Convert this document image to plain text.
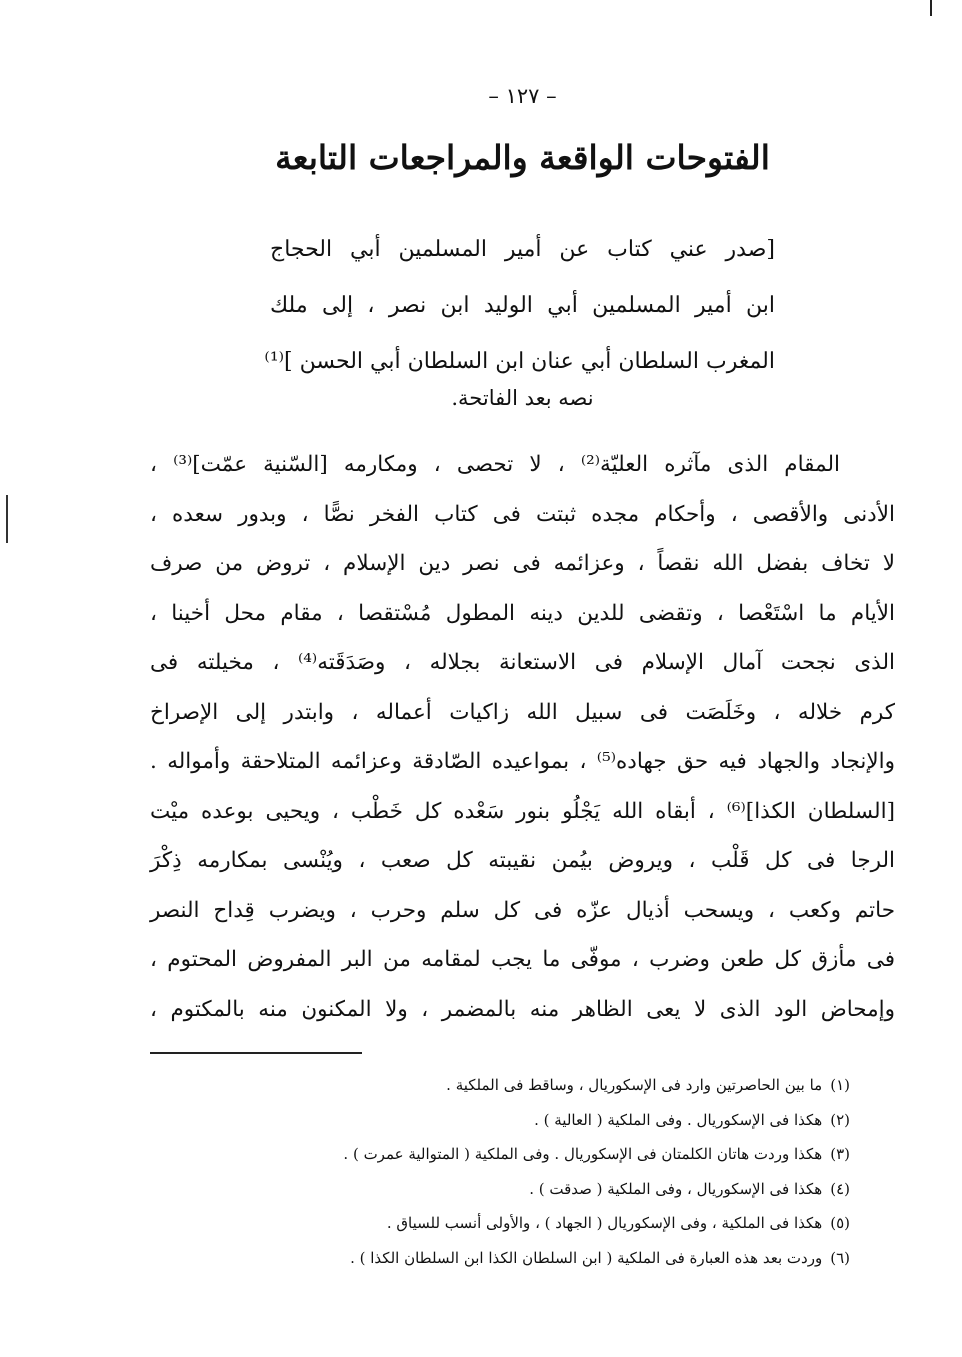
– ١٢٧ –
الفتوحات الواقعة والمراجعات التابعة
[صدر عني كتاب عن أمير المسلمين أبي الحجاج
ابن أمير المسلمين أبي الوليد ابن نصر ، إلى ملك
المغرب السلطان أبي عنان ابن السلطان أبي الحسن ]⁽¹⁾
نصه بعد الفاتحة.
المقام الذى مآثره العليّة⁽²⁾ ، لا تحصى ، ومكارمه [السّنية عمّت]⁽³⁾ ،
الأدنى والأقصى ، وأحكام مجده ثبتت فى كتاب الفخر نصًّا ، وبدور سعده ،
لا تخاف بفضل الله نقصاً ، وعزائمه فى نصر دين الإسلام ، تروض من صرف
الأيام ما اسْتَعْصا ، وتقضى للدين دينه المطول مُسْتقصا ، مقام محل أخينا ،
الذى نجحت آمال الإسلام فى الاستعانة بجلاله ، وصَدَقَته⁽⁴⁾ ، مخيلته فى
كرم خلاله ، وخَلَصَت فى سبيل الله زاكيات أعماله ، وابتدر إلى الإصراخ
والإنجاد والجهاد فيه حق جهاده⁽⁵⁾ ، بمواعيده الصّادقة وعزائمه المتلاحقة وأمواله .
[السلطان الكذا]⁽⁶⁾ ، أبقاه الله يَجْلُو بنور سَعْده كل خَطْب ، ويحيى بوعده ميْت
الرجا فى كل قَلْب ، ويروض بيُمن نقيبته كل صعب ، ويُنْسى بمكارمه ذِكْرَ
حاتم وكعب ، ويسحب أذيال عزّه فى كل سلم وحرب ، ويضرب قِداح النصر
فى مأزق كل طعن وضرب ، موفّى ما يجب لمقامه من البر المفروض المحتوم ،
وإمحاض الود الذى لا يعى الظاهر منه بالمضمر ، ولا المكنون منه بالمكتوم ،
(١)ما بين الحاصرتين وارد فى الإسكوريال ، وساقط فى الملكية .
(٢)هكذا فى الإسكوريال . وفى الملكية ( العالية ) .
(٣)هكذا وردت هاتان الكلمتان فى الإسكوريال . وفى الملكية ( المتوالية عمرت ) .
(٤)هكذا فى الإسكوريال ، وفى الملكية ( صدقت ) .
(٥)هكذا فى الملكية ، وفى الإسكوريال ( الجهاد ) ، والأولى أنسب للسياق .
(٦)وردت بعد هذه العبارة فى الملكية ( ابن السلطان الكذا ابن السلطان الكذا ) .
